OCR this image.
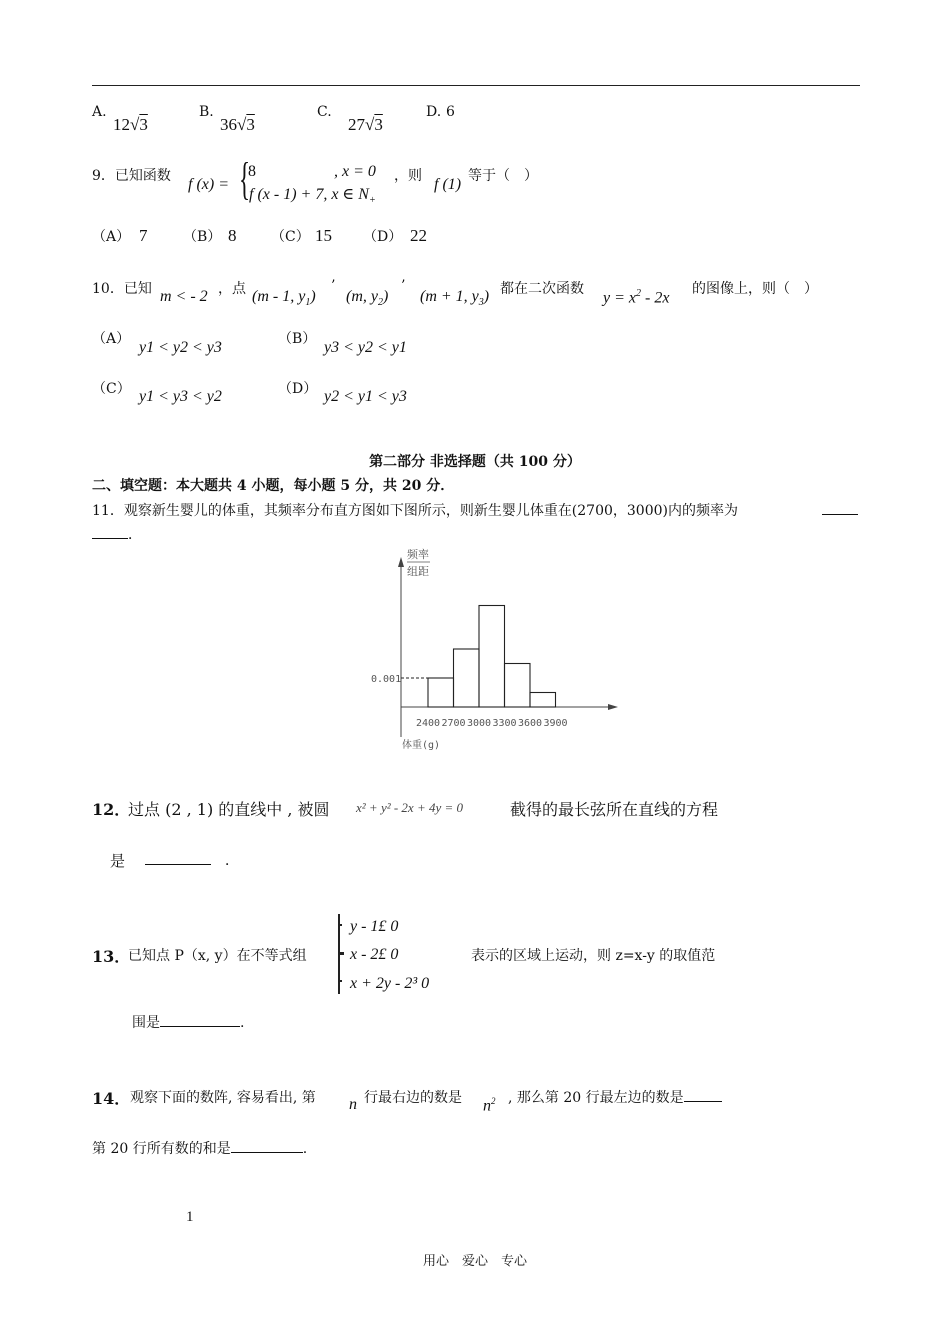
A.
12√3
B.
36√3
C.
27√3
D. 6
9．已知函数 f (x) = {
8	, x = 0
f (x - 1) + 7, x ∈ $N_+$
，则 f (1) 等于（　）
（A） 7	（B） 8 （C） 15 （D） 22
10．已知 m < - 2 ，点 (m - 1, $y_1$)
’
(m, $y_2$)
’
(m + 1, $y_3$) 都在二次函数
$y = x^2 - 2x$
的图像上，则（　）
（A） y1 < y2 < y3	（B） y3 < y2 < y1
（C） y1 < y3 < y2	（D） y2 < y1 < y3
第二部分 非选择题（共 100 分）
二、填空题：本大题共 4 小题，每小题 5 分，共 20 分．
11．观察新生婴儿的体重，其频率分布直方图如下图所示，则新生婴儿体重在(2700，3000)内的频率为
．
频率
组距
体重(g)
0.001
2400 2700 3000 3300 3600 3900
12．
过点 (2 , 1) 的直线中 , 被圆 x² + y² - 2x + 4y = 0	截得的最长弦所在直线的方程
是	．
13．
已知点 P（x, y）在不等式组
y - 1£ 0
x - 2£ 0
x + 2y - 2³ 0
表示的区域上运动，则 z=x-y 的取值范
围是	.
14． 观察下面的数阵, 容易看出, 第 n 行最右边的数是 $n^2$ , 那么第 20 行最左边的数是
第 20 行所有数的和是	.
1
用心　爱心　专心
